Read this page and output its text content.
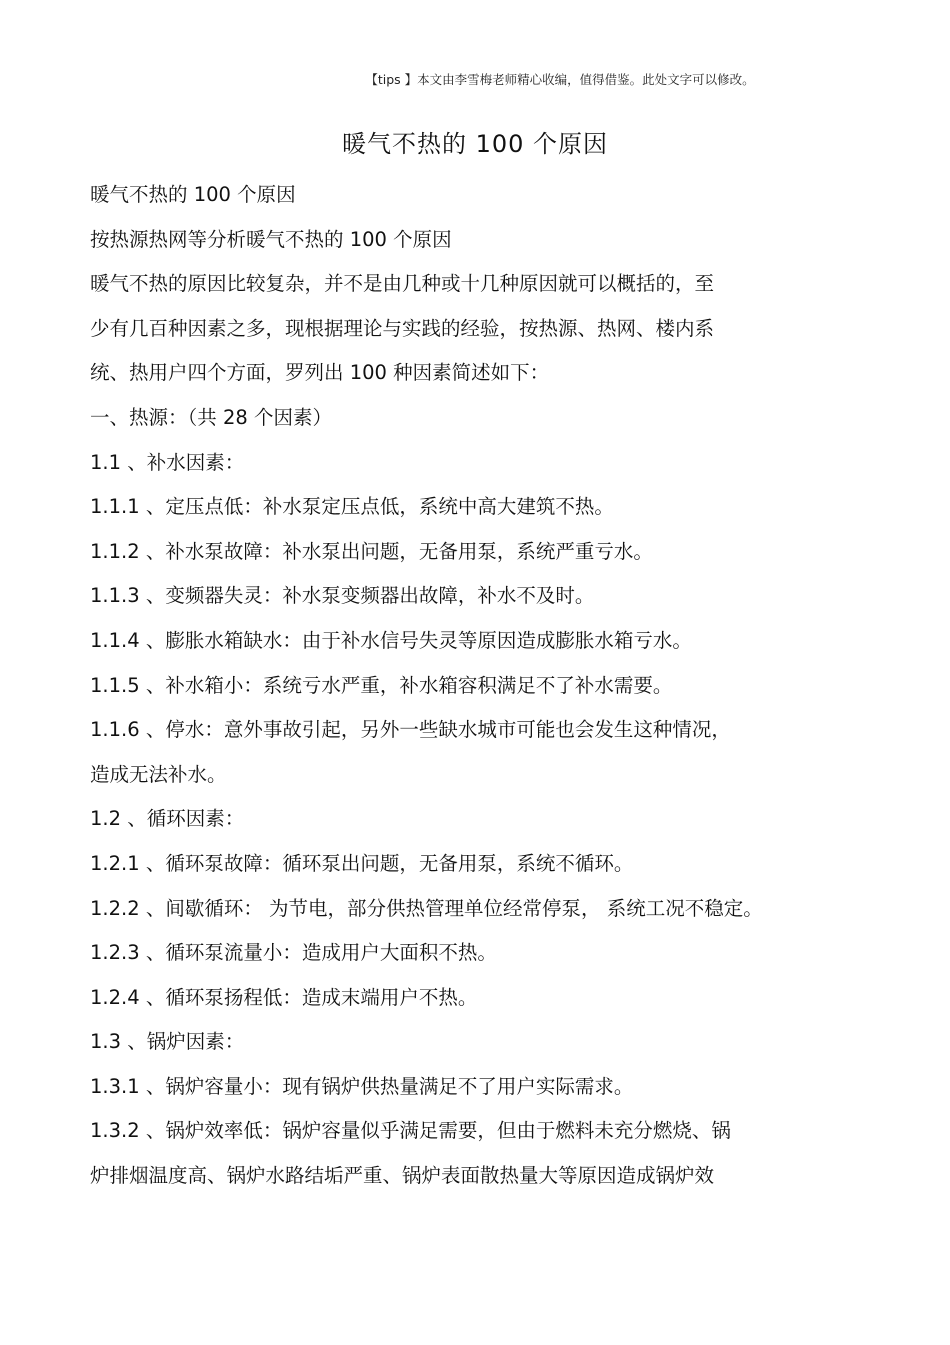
【tips 】本文由李雪梅老师精心收编，值得借鉴。此处文字可以修改。
暖气不热的 100 个原因
暖气不热的 100 个原因
按热源热网等分析暖气不热的 100 个原因
暖气不热的原因比较复杂，并不是由几种或十几种原因就可以概括的，至
少有几百种因素之多，现根据理论与实践的经验，按热源、热网、楼内系
统、热用户四个方面，罗列出 100 种因素简述如下：
一、热源：（共 28 个因素）
1.1 、补水因素：
1.1.1 、定压点低：补水泵定压点低，系统中高大建筑不热。
1.1.2 、补水泵故障：补水泵出问题，无备用泵，系统严重亏水。
1.1.3 、变频器失灵：补水泵变频器出故障，补水不及时。
1.1.4 、膨胀水箱缺水：由于补水信号失灵等原因造成膨胀水箱亏水。
1.1.5 、补水箱小：系统亏水严重，补水箱容积满足不了补水需要。
1.1.6 、停水：意外事故引起，另外一些缺水城市可能也会发生这种情况，
造成无法补水。
1.2 、循环因素：
1.2.1 、循环泵故障：循环泵出问题，无备用泵，系统不循环。
1.2.2 、间歇循环： 为节电，部分供热管理单位经常停泵， 系统工况不稳定。
1.2.3 、循环泵流量小：造成用户大面积不热。
1.2.4 、循环泵扬程低：造成末端用户不热。
1.3 、锅炉因素：
1.3.1 、锅炉容量小：现有锅炉供热量满足不了用户实际需求。
1.3.2 、锅炉效率低：锅炉容量似乎满足需要，但由于燃料未充分燃烧、锅
炉排烟温度高、锅炉水路结垢严重、锅炉表面散热量大等原因造成锅炉效
